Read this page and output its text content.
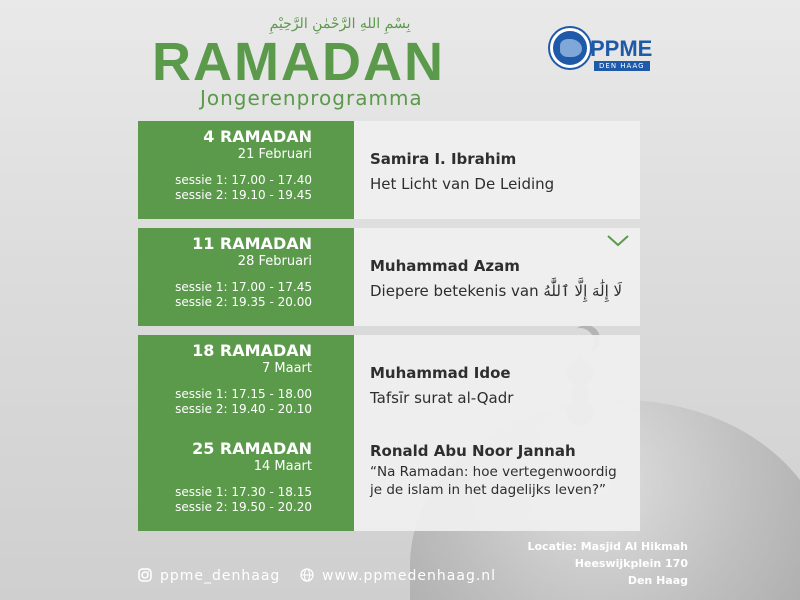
بِسْمِ اللهِ الرَّحْمٰنِ الرَّحِيْمِ
RAMADAN
Jongerenprogramma
PPME
DEN HAAG
4 RAMADAN
21 Februari
sessie 1: 17.00 - 17.40
sessie 2: 19.10 - 19.45
Samira I. Ibrahim
Het Licht van De Leiding
11 RAMADAN
28 Februari
sessie 1: 17.00 - 17.45
sessie 2: 19.35 - 20.00
Muhammad Azam
Diepere betekenis van لَا إِلَٰهَ إِلَّا ٱللَّٰهُ
18 RAMADAN
7 Maart
sessie 1: 17.15 - 18.00
sessie 2: 19.40 - 20.10
Muhammad Idoe
Tafsīr surat al-Qadr
25 RAMADAN
14 Maart
sessie 1: 17.30 - 18.15
sessie 2: 19.50 - 20.20
Ronald Abu Noor Jannah
“Na Ramadan: hoe vertegenwoordig je de islam in het dagelijks leven?”
Locatie: Masjid Al Hikmah
Heeswijkplein 170
Den Haag
ppme_denhaag	www.ppmedenhaag.nl
